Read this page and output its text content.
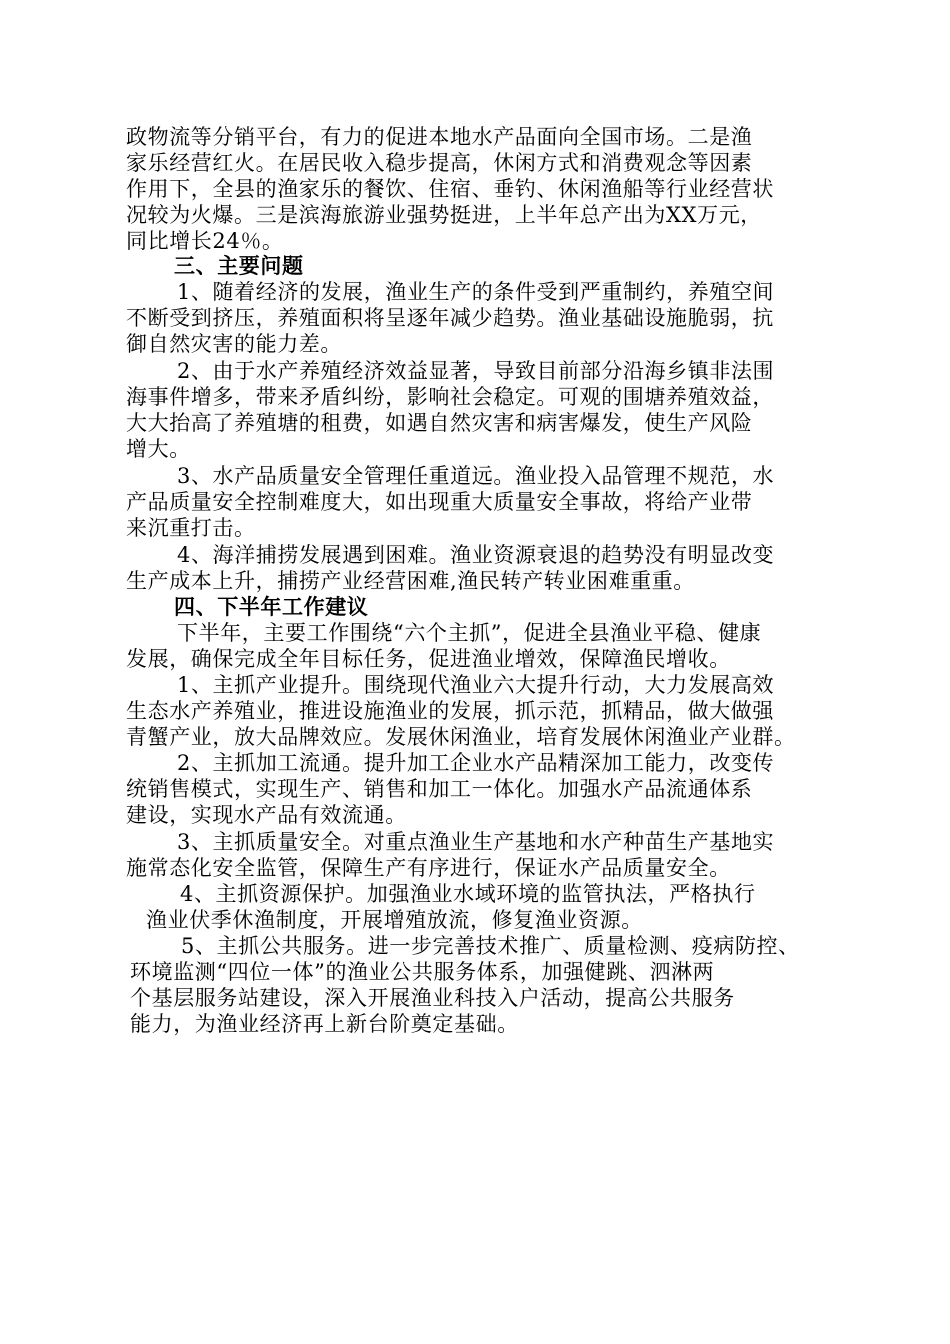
政物流等分销平台，有力的促进本地水产品面向全国市场。二是渔
家乐经营红火。在居民收入稳步提高，休闲方式和消费观念等因素
作用下，全县的渔家乐的餐饮、住宿、垂钓、休闲渔船等行业经营状
况较为火爆。三是滨海旅游业强势挺进，上半年总产出为XX万元，
同比增长24％。
三、主要问题
1、随着经济的发展，渔业生产的条件受到严重制约，养殖空间
不断受到挤压，养殖面积将呈逐年减少趋势。渔业基础设施脆弱，抗
御自然灾害的能力差。
2、由于水产养殖经济效益显著，导致目前部分沿海乡镇非法围
海事件增多，带来矛盾纠纷，影响社会稳定。可观的围塘养殖效益，
大大抬高了养殖塘的租费，如遇自然灾害和病害爆发，使生产风险
增大。
3、水产品质量安全管理任重道远。渔业投入品管理不规范，水
产品质量安全控制难度大，如出现重大质量安全事故，将给产业带
来沉重打击。
4、海洋捕捞发展遇到困难。渔业资源衰退的趋势没有明显改变
生产成本上升，捕捞产业经营困难,渔民转产转业困难重重。
四、下半年工作建议
下半年，主要工作围绕“六个主抓”，促进全县渔业平稳、健康
发展，确保完成全年目标任务，促进渔业增效，保障渔民增收。
1、主抓产业提升。围绕现代渔业六大提升行动，大力发展高效
生态水产养殖业，推进设施渔业的发展，抓示范，抓精品，做大做强
青蟹产业，放大品牌效应。发展休闲渔业，培育发展休闲渔业产业群。
2、主抓加工流通。提升加工企业水产品精深加工能力，改变传
统销售模式，实现生产、销售和加工一体化。加强水产品流通体系
建设，实现水产品有效流通。
3、主抓质量安全。对重点渔业生产基地和水产种苗生产基地实
施常态化安全监管，保障生产有序进行，保证水产品质量安全。
4、主抓资源保护。加强渔业水域环境的监管执法，严格执行
渔业伏季休渔制度，开展增殖放流，修复渔业资源。
5、主抓公共服务。进一步完善技术推广、质量检测、疫病防控、
环境监测“四位一体”的渔业公共服务体系，加强健跳、泗淋两
个基层服务站建设，深入开展渔业科技入户活动，提高公共服务
能力，为渔业经济再上新台阶奠定基础。
